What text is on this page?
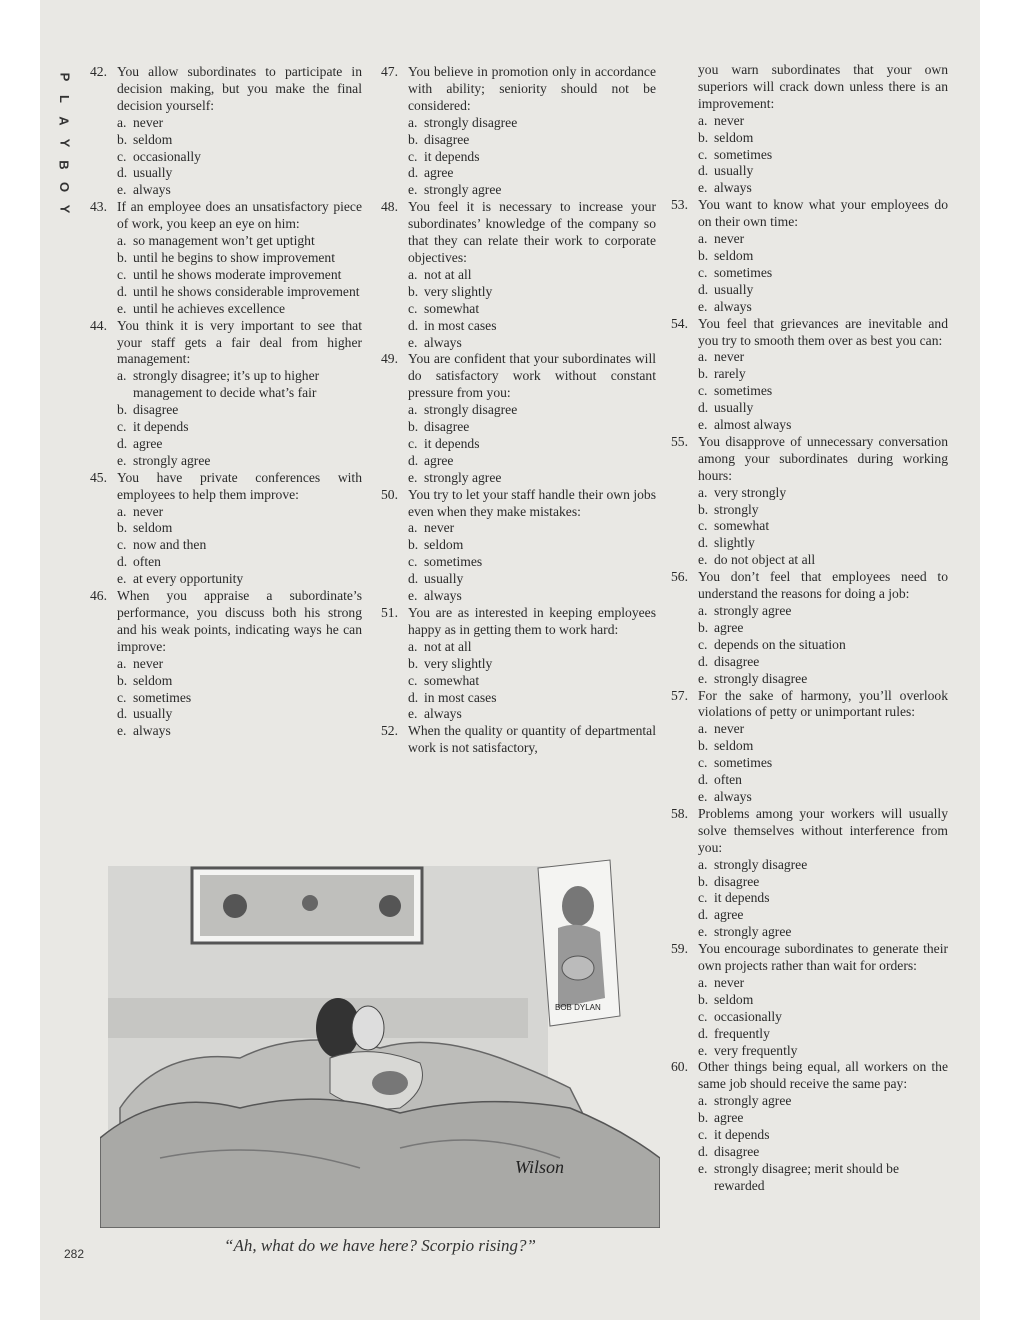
P
L
A
Y
B
O
Y
42. You allow subordinates to participate in decision making, but you make the final decision yourself:
a. never
b. seldom
c. occasionally
d. usually
e. always
43. If an employee does an unsatisfactory piece of work, you keep an eye on him:
a. so management won’t get uptight
b. until he begins to show improvement
c. until he shows moderate improvement
d. until he shows considerable improvement
e. until he achieves excellence
44. You think it is very important to see that your staff gets a fair deal from higher management:
a. strongly disagree; it’s up to higher management to decide what’s fair
b. disagree
c. it depends
d. agree
e. strongly agree
45. You have private conferences with employees to help them improve:
a. never
b. seldom
c. now and then
d. often
e. at every opportunity
46. When you appraise a subordinate’s performance, you discuss both his strong and his weak points, indicating ways he can improve:
a. never
b. seldom
c. sometimes
d. usually
e. always
47. You believe in promotion only in accordance with ability; seniority should not be considered:
a. strongly disagree
b. disagree
c. it depends
d. agree
e. strongly agree
48. You feel it is necessary to increase your subordinates’ knowledge of the company so that they can relate their work to corporate objectives:
a. not at all
b. very slightly
c. somewhat
d. in most cases
e. always
49. You are confident that your subordinates will do satisfactory work without constant pressure from you:
a. strongly disagree
b. disagree
c. it depends
d. agree
e. strongly agree
50. You try to let your staff handle their own jobs even when they make mistakes:
a. never
b. seldom
c. sometimes
d. usually
e. always
51. You are as interested in keeping employees happy as in getting them to work hard:
a. not at all
b. very slightly
c. somewhat
d. in most cases
e. always
52. When the quality or quantity of departmental work is not satisfactory,
you warn subordinates that your own superiors will crack down unless there is an improvement:
a. never
b. seldom
c. sometimes
d. usually
e. always
53. You want to know what your employees do on their own time:
a. never
b. seldom
c. sometimes
d. usually
e. always
54. You feel that grievances are inevitable and you try to smooth them over as best you can:
a. never
b. rarely
c. sometimes
d. usually
e. almost always
55. You disapprove of unnecessary conversation among your subordinates during working hours:
a. very strongly
b. strongly
c. somewhat
d. slightly
e. do not object at all
56. You don’t feel that employees need to understand the reasons for doing a job:
a. strongly agree
b. agree
c. depends on the situation
d. disagree
e. strongly disagree
57. For the sake of harmony, you’ll overlook violations of petty or unimportant rules:
a. never
b. seldom
c. sometimes
d. often
e. always
58. Problems among your workers will usually solve themselves without interference from you:
a. strongly disagree
b. disagree
c. it depends
d. agree
e. strongly agree
59. You encourage subordinates to generate their own projects rather than wait for orders:
a. never
b. seldom
c. occasionally
d. frequently
e. very frequently
60. Other things being equal, all workers on the same job should receive the same pay:
a. strongly agree
b. agree
c. it depends
d. disagree
e. strongly disagree; merit should be rewarded
BOB DYLAN
Wilson
“Ah, what do we have here? Scorpio rising?”
282
